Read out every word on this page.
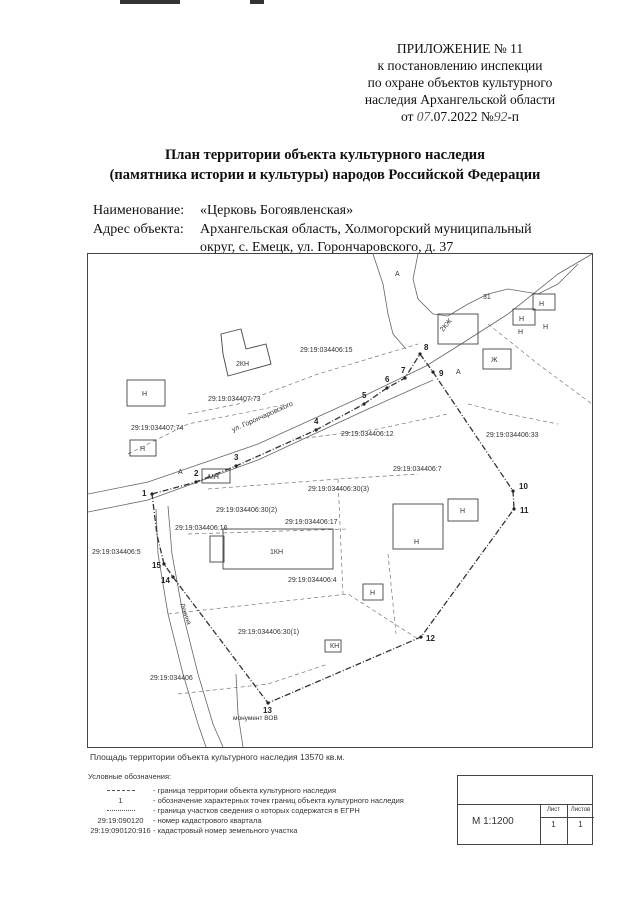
ПРИЛОЖЕНИЕ № 11
к постановлению инспекции
по охране объектов культурного
наследия Архангельской области
от 07.07.2022 №92-п
План территории объекта культурного наследия
(памятника истории и культуры) народов Российской Федерации
Наименование: «Церковь Богоявленская»
Адрес объекта: Архангельская область, Холмогорский муниципальный
округ, с. Емецк, ул. Горончаровского, д. 37
1
2
3
4
5
6
7
8
9
10
11
12
13
14
15
ул. Горончаровского
Ленина
монумент ВОВ
29:19:034406:15
29:19:034407:73
29:19:034407:74
29:19:034406:12	29:19:034406:33
29:19:034406:7
29:19:034406:30(3)
29:19:034406:30(2)
29:19:034406:16
29:19:034406:17
29:19:034406:5
29:19:034406:4
29:19:034406:30(1)
29:19:034406
2КН
1КН
МН
КН
2КЖ
Ж
Н
Н
Н
Н
Н
Н
Н
Н
Н
A
A
A
31
Площадь территории объекта культурного наследия 13570 кв.м.
Условные обозначения:
- граница территории объекта культурного наследия
1	- обозначение характерных точек границ объекта культурного наследия
- граница участков сведения о которых содержатся в ЕГРН
29:19:090120	- номер кадастрового квартала
29:19:090120:916 - кадастровый номер земельного участка
Лист	Листов
М 1:1200	1	1
